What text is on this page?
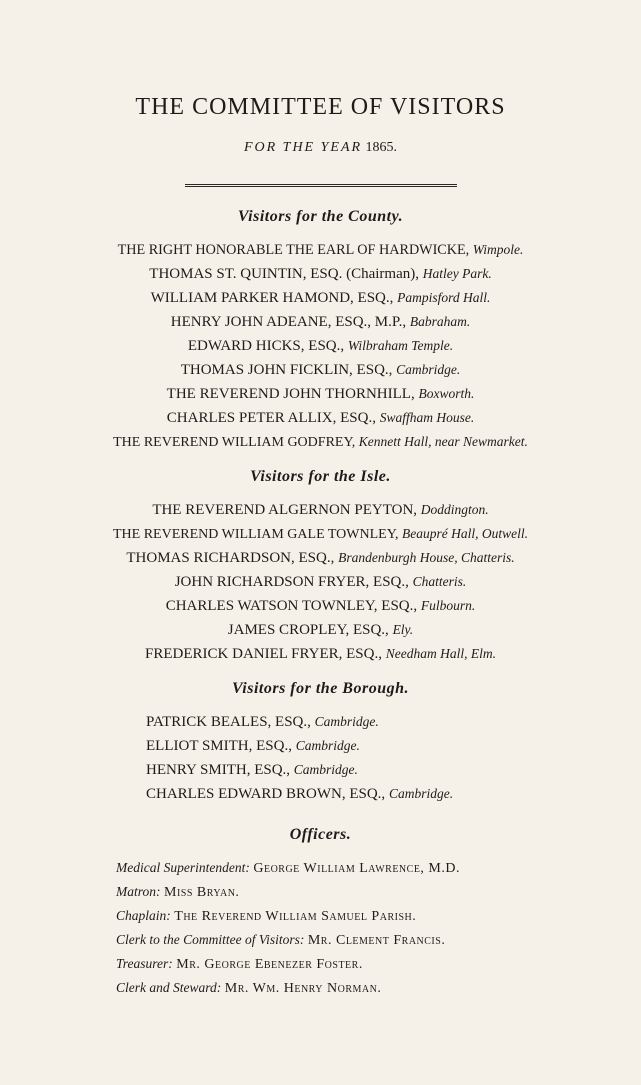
THE COMMITTEE OF VISITORS
FOR THE YEAR 1865.
Visitors for the County.
THE RIGHT HONORABLE THE EARL OF HARDWICKE, Wimpole.
THOMAS ST. QUINTIN, ESQ. (Chairman), Hatley Park.
WILLIAM PARKER HAMOND, ESQ., Pampisford Hall.
HENRY JOHN ADEANE, ESQ., M.P., Babraham.
EDWARD HICKS, ESQ., Wilbraham Temple.
THOMAS JOHN FICKLIN, ESQ., Cambridge.
THE REVEREND JOHN THORNHILL, Boxworth.
CHARLES PETER ALLIX, ESQ., Swaffham House.
THE REVEREND WILLIAM GODFREY, Kennett Hall, near Newmarket.
Visitors for the Isle.
THE REVEREND ALGERNON PEYTON, Doddington.
THE REVEREND WILLIAM GALE TOWNLEY, Beaupré Hall, Outwell.
THOMAS RICHARDSON, ESQ., Brandenburgh House, Chatteris.
JOHN RICHARDSON FRYER, ESQ., Chatteris.
CHARLES WATSON TOWNLEY, ESQ., Fulbourn.
JAMES CROPLEY, ESQ., Ely.
FREDERICK DANIEL FRYER, ESQ., Needham Hall, Elm.
Visitors for the Borough.
PATRICK BEALES, ESQ., Cambridge.
ELLIOT SMITH, ESQ., Cambridge.
HENRY SMITH, ESQ., Cambridge.
CHARLES EDWARD BROWN, ESQ., Cambridge.
Officers.
Medical Superintendent: George William Lawrence, M.D.
Matron: Miss Bryan.
Chaplain: The Reverend William Samuel Parish.
Clerk to the Committee of Visitors: Mr. Clement Francis.
Treasurer: Mr. George Ebenezer Foster.
Clerk and Steward: Mr. Wm. Henry Norman.
